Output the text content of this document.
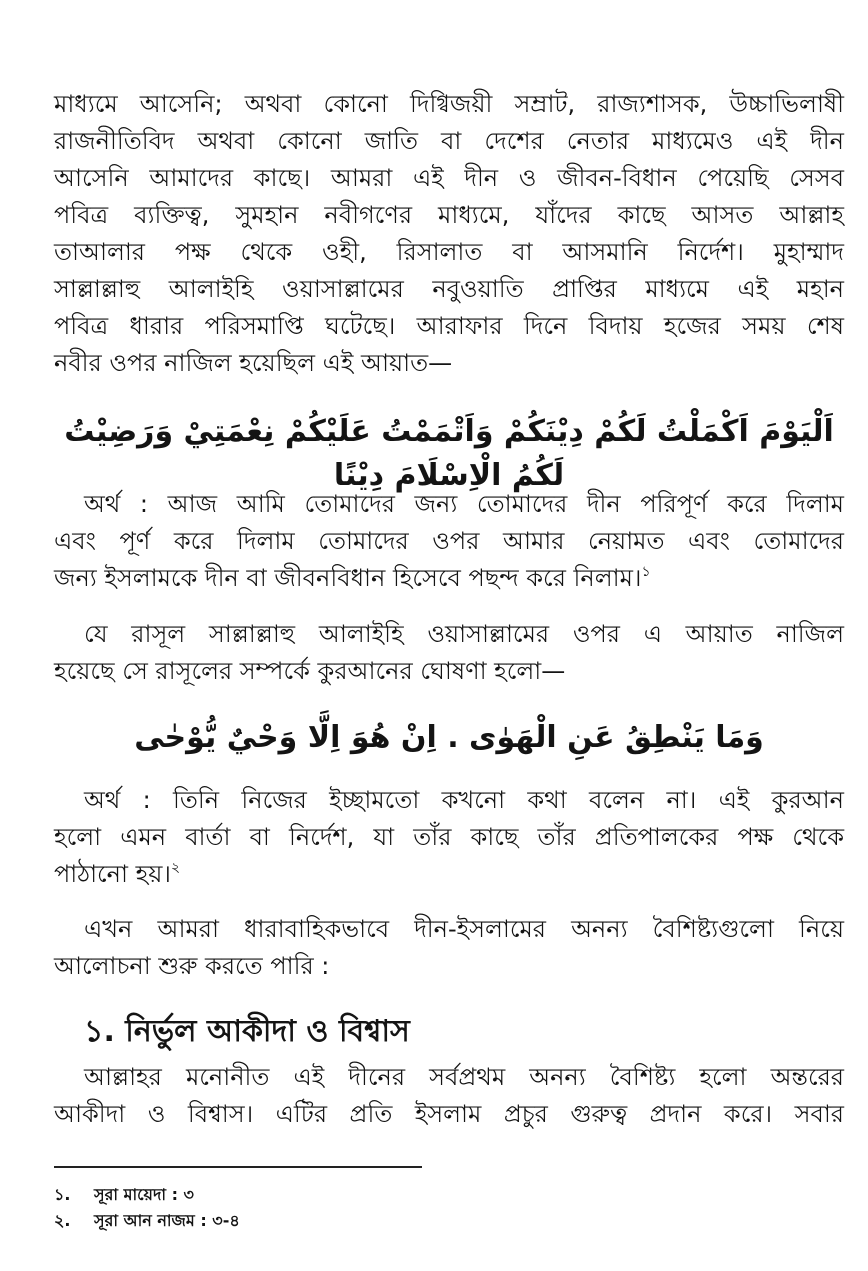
মাধ্যমে আসেনি; অথবা কোনো দিগ্বিজয়ী সম্রাট, রাজ্যশাসক, উচ্চাভিলাষী

রাজনীতিবিদ অথবা কোনো জাতি বা দেশের নেতার মাধ্যমেও এই দীন

আসেনি আমাদের কাছে। আমরা এই দীন ও জীবন-বিধান পেয়েছি সেসব

পবিত্র ব্যক্তিত্ব, সুমহান নবীগণের মাধ্যমে, যাঁদের কাছে আসত আল্লাহ

তাআলার পক্ষ থেকে ওহী, রিসালাত বা আসমানি নির্দেশ। মুহাম্মাদ

সাল্লাল্লাহু আলাইহি ওয়াসাল্লামের নবুওয়াতি প্রাপ্তির মাধ্যমে এই মহান

পবিত্র ধারার পরিসমাপ্তি ঘটেছে। আরাফার দিনে বিদায় হজের সময় শেষ

নবীর ওপর নাজিল হয়েছিল এই আয়াত—

اَلْيَوْمَ اَكْمَلْتُ لَكُمْ دِيْنَكُمْ وَاَتْمَمْتُ عَلَيْكُمْ نِعْمَتِيْ وَرَضِيْتُ لَكُمُ الْاِسْلَامَ دِيْنًا

অর্থ : আজ আমি তোমাদের জন্য তোমাদের দীন পরিপূর্ণ করে দিলাম

এবং পূর্ণ করে দিলাম তোমাদের ওপর আমার নেয়ামত এবং তোমাদের

জন্য ইসলামকে দীন বা জীবনবিধান হিসেবে পছন্দ করে নিলাম।$^১$

যে রাসূল সাল্লাল্লাহু আলাইহি ওয়াসাল্লামের ওপর এ আয়াত নাজিল

হয়েছে সে রাসূলের সম্পর্কে কুরআনের ঘোষণা হলো—

وَمَا يَنْطِقُ عَنِ الْهَوٰى . اِنْ هُوَ اِلَّا وَحْيٌ يُّوْحٰى

অর্থ : তিনি নিজের ইচ্ছামতো কখনো কথা বলেন না। এই কুরআন

হলো এমন বার্তা বা নির্দেশ, যা তাঁর কাছে তাঁর প্রতিপালকের পক্ষ থেকে

পাঠানো হয়।$^২$

এখন আমরা ধারাবাহিকভাবে দীন-ইসলামের অনন্য বৈশিষ্ট্যগুলো নিয়ে

আলোচনা শুরু করতে পারি :

১. নির্ভুল আকীদা ও বিশ্বাস

আল্লাহর মনোনীত এই দীনের সর্বপ্রথম অনন্য বৈশিষ্ট্য হলো অন্তরের

আকীদা ও বিশ্বাস। এটির প্রতি ইসলাম প্রচুর গুরুত্ব প্রদান করে। সবার

১. সূরা মায়েদা : ৩
২. সূরা আন নাজম : ৩-৪
